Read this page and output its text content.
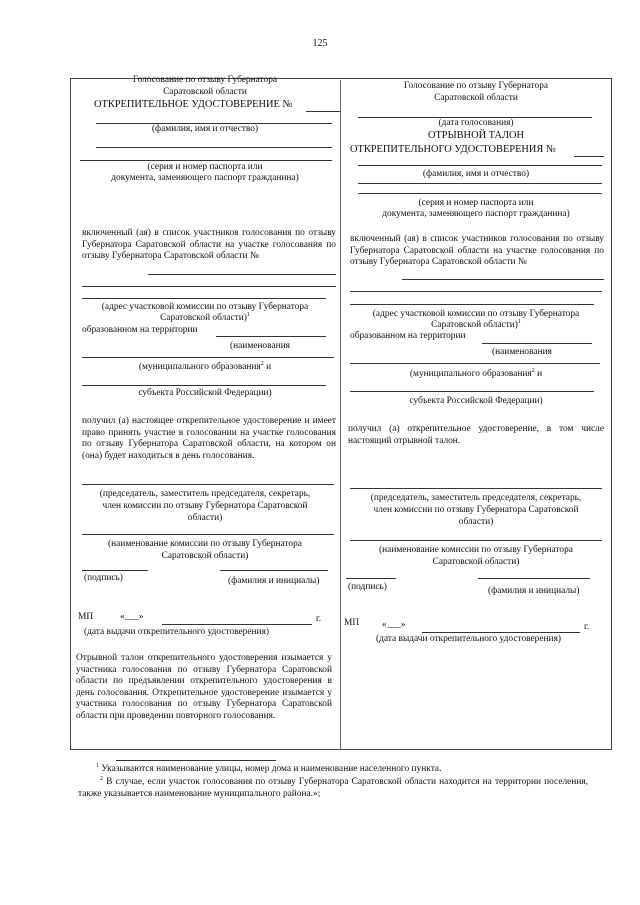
125
Голосование по отзыву Губернатора
Саратовской области
ОТКРЕПИТЕЛЬНОЕ УДОСТОВЕРЕНИЕ №
(фамилия, имя и отчество)
(серия и номер паспорта или
документа, заменяющего паспорт гражданина)
включенный (ая) в список участников голосования по отзыву Губернатора Саратовской области на участке голосования по отзыву Губернатора Саратовской области №
(адрес участковой комиссии по отзыву Губернатора
Саратовской области)$^1$
образованном на территории
(наименования
(муниципального образования$^2$ и
субъекта Российской Федерации)
получил (а) настоящее открепительное удостоверение и имеет право принять участие в голосовании на участке голосования по отзыву Губернатора Саратовской области, на котором он (она) будет находиться в день голосования.
(председатель, заместитель председателя, секретарь,
член комиссии по отзыву Губернатора Саратовской
области)
(наименование комиссии по отзыву Губернатора
Саратовской области)
(подпись)	(фамилия и инициалы)
МП	«___»	г.
(дата выдачи открепительного удостоверения)
Отрывной талон открепительного удостоверения изымается у участника голосования по отзыву Губернатора Саратовской области по предъявлении открепительного удостоверения в день голосования. Открепительное удостоверение изымается у участника голосования по отзыву Губернатора Саратовской области при проведении повторного голосования.
Голосование по отзыву Губернатора
Саратовской области
(дата голосования)
ОТРЫВНОЙ ТАЛОН
ОТКРЕПИТЕЛЬНОГО УДОСТОВЕРЕНИЯ №
(фамилия, имя и отчество)
(серия и номер паспорта или
документа, заменяющего паспорт гражданина)
включенный (ая) в список участников голосования по отзыву Губернатора Саратовской области на участке голосования по отзыву Губернатора Саратовской области №
(адрес участковой комиссии по отзыву Губернатора
Саратовской области)$^1$
образованном на территории
(наименования
(муниципального образования$^2$ и
субъекта Российской Федерации)
получил (а) открепительное удостоверение, в том числе настоящий отрывной талон.
(председатель, заместитель председателя, секретарь,
член комиссии по отзыву Губернатора Саратовской
области)
(наименование комиссии по отзыву Губернатора
Саратовской области)
(подпись)	(фамилия и инициалы)
МП «___»	г.
(дата выдачи открепительного удостоверения)
$^1$ Указываются наименование улицы, номер дома и наименование населенного пункта.
$^2$ В случае, если участок голосования по отзыву Губернатора Саратовской области находится на территории поселения, также указывается наименование муниципального района.»;
